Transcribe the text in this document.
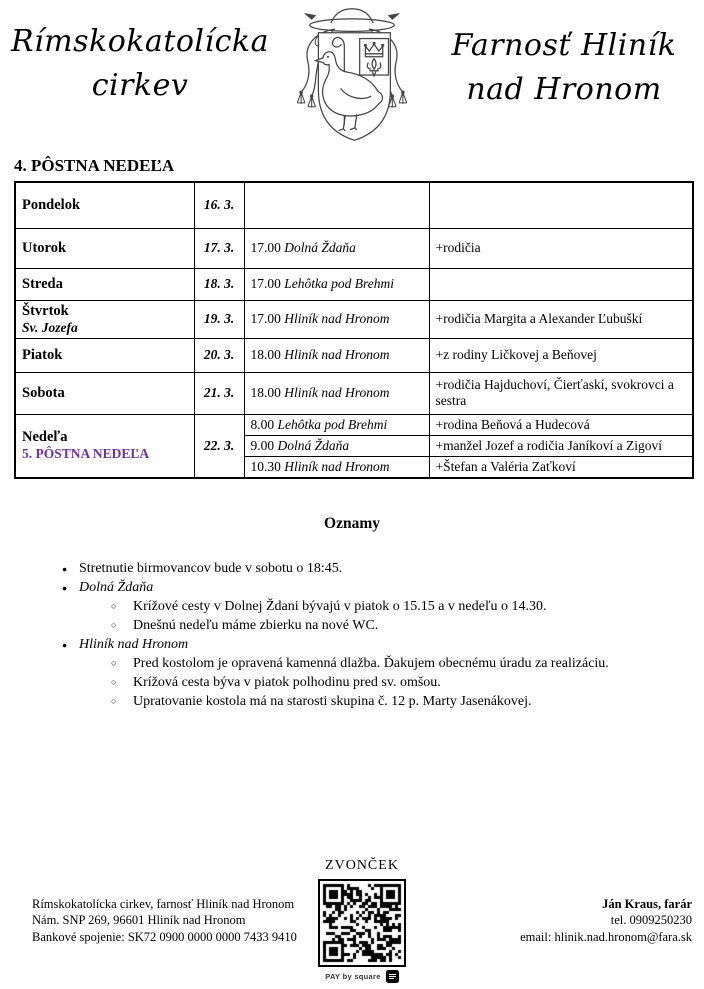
Rímskokatolícka
cirkev
Farnosť Hliník
nad Hronom
4. PÔSTNA NEDEĽA
Pondelok	16. 3.		

Utorok	17. 3.	17.00 Dolná Ždaňa	+rodičia

Streda	18. 3.	17.00 Lehôtka pod Brehmi	

Štvrtok
Sv. Jozefa	19. 3.	17.00 Hliník nad Hronom	+rodičia Margita a Alexander Ľubuškí

Piatok	20. 3.	18.00 Hliník nad Hronom	+z rodiny Ličkovej a Beňovej

Sobota	21. 3.	18.00 Hliník nad Hronom	+rodičia Hajduchoví, Čierťaskí, svokrovci a sestra

Nedeľa
5. PÔSTNA NEDEĽA	22. 3.	8.00 Lehôtka pod Brehmi	+rodina Beňová a Hudecová
		9.00 Dolná Ždaňa	+manžel Jozef a rodičia Janíkoví a Zigoví
		10.30 Hliník nad Hronom	+Štefan a Valéria Zaťkoví
Oznamy
● Stretnutie birmovancov bude v sobotu o 18:45.
● Dolná Ždaňa
○ Krížové cesty v Dolnej Ždani bývajú v piatok o 15.15 a v nedeľu o 14.30.
○ Dnešnú nedeľu máme zbierku na nové WC.
● Hliník nad Hronom
○ Pred kostolom je opravená kamenná dlažba. Ďakujem obecnému úradu za realizáciu.
○ Krížová cesta býva v piatok polhodinu pred sv. omšou.
○ Upratovanie kostola má na starosti skupina č. 12 p. Marty Jasenákovej.
Rímskokatolícka cirkev, farnosť Hliník nad Hronom
Nám. SNP 269, 96601 Hliník nad Hronom
Bankové spojenie: SK72 0900 0000 0000 7433 9410
ZVONČEK
PAY by square
Ján Kraus, farár
tel. 0909250230
email: hlinik.nad.hronom@fara.sk
